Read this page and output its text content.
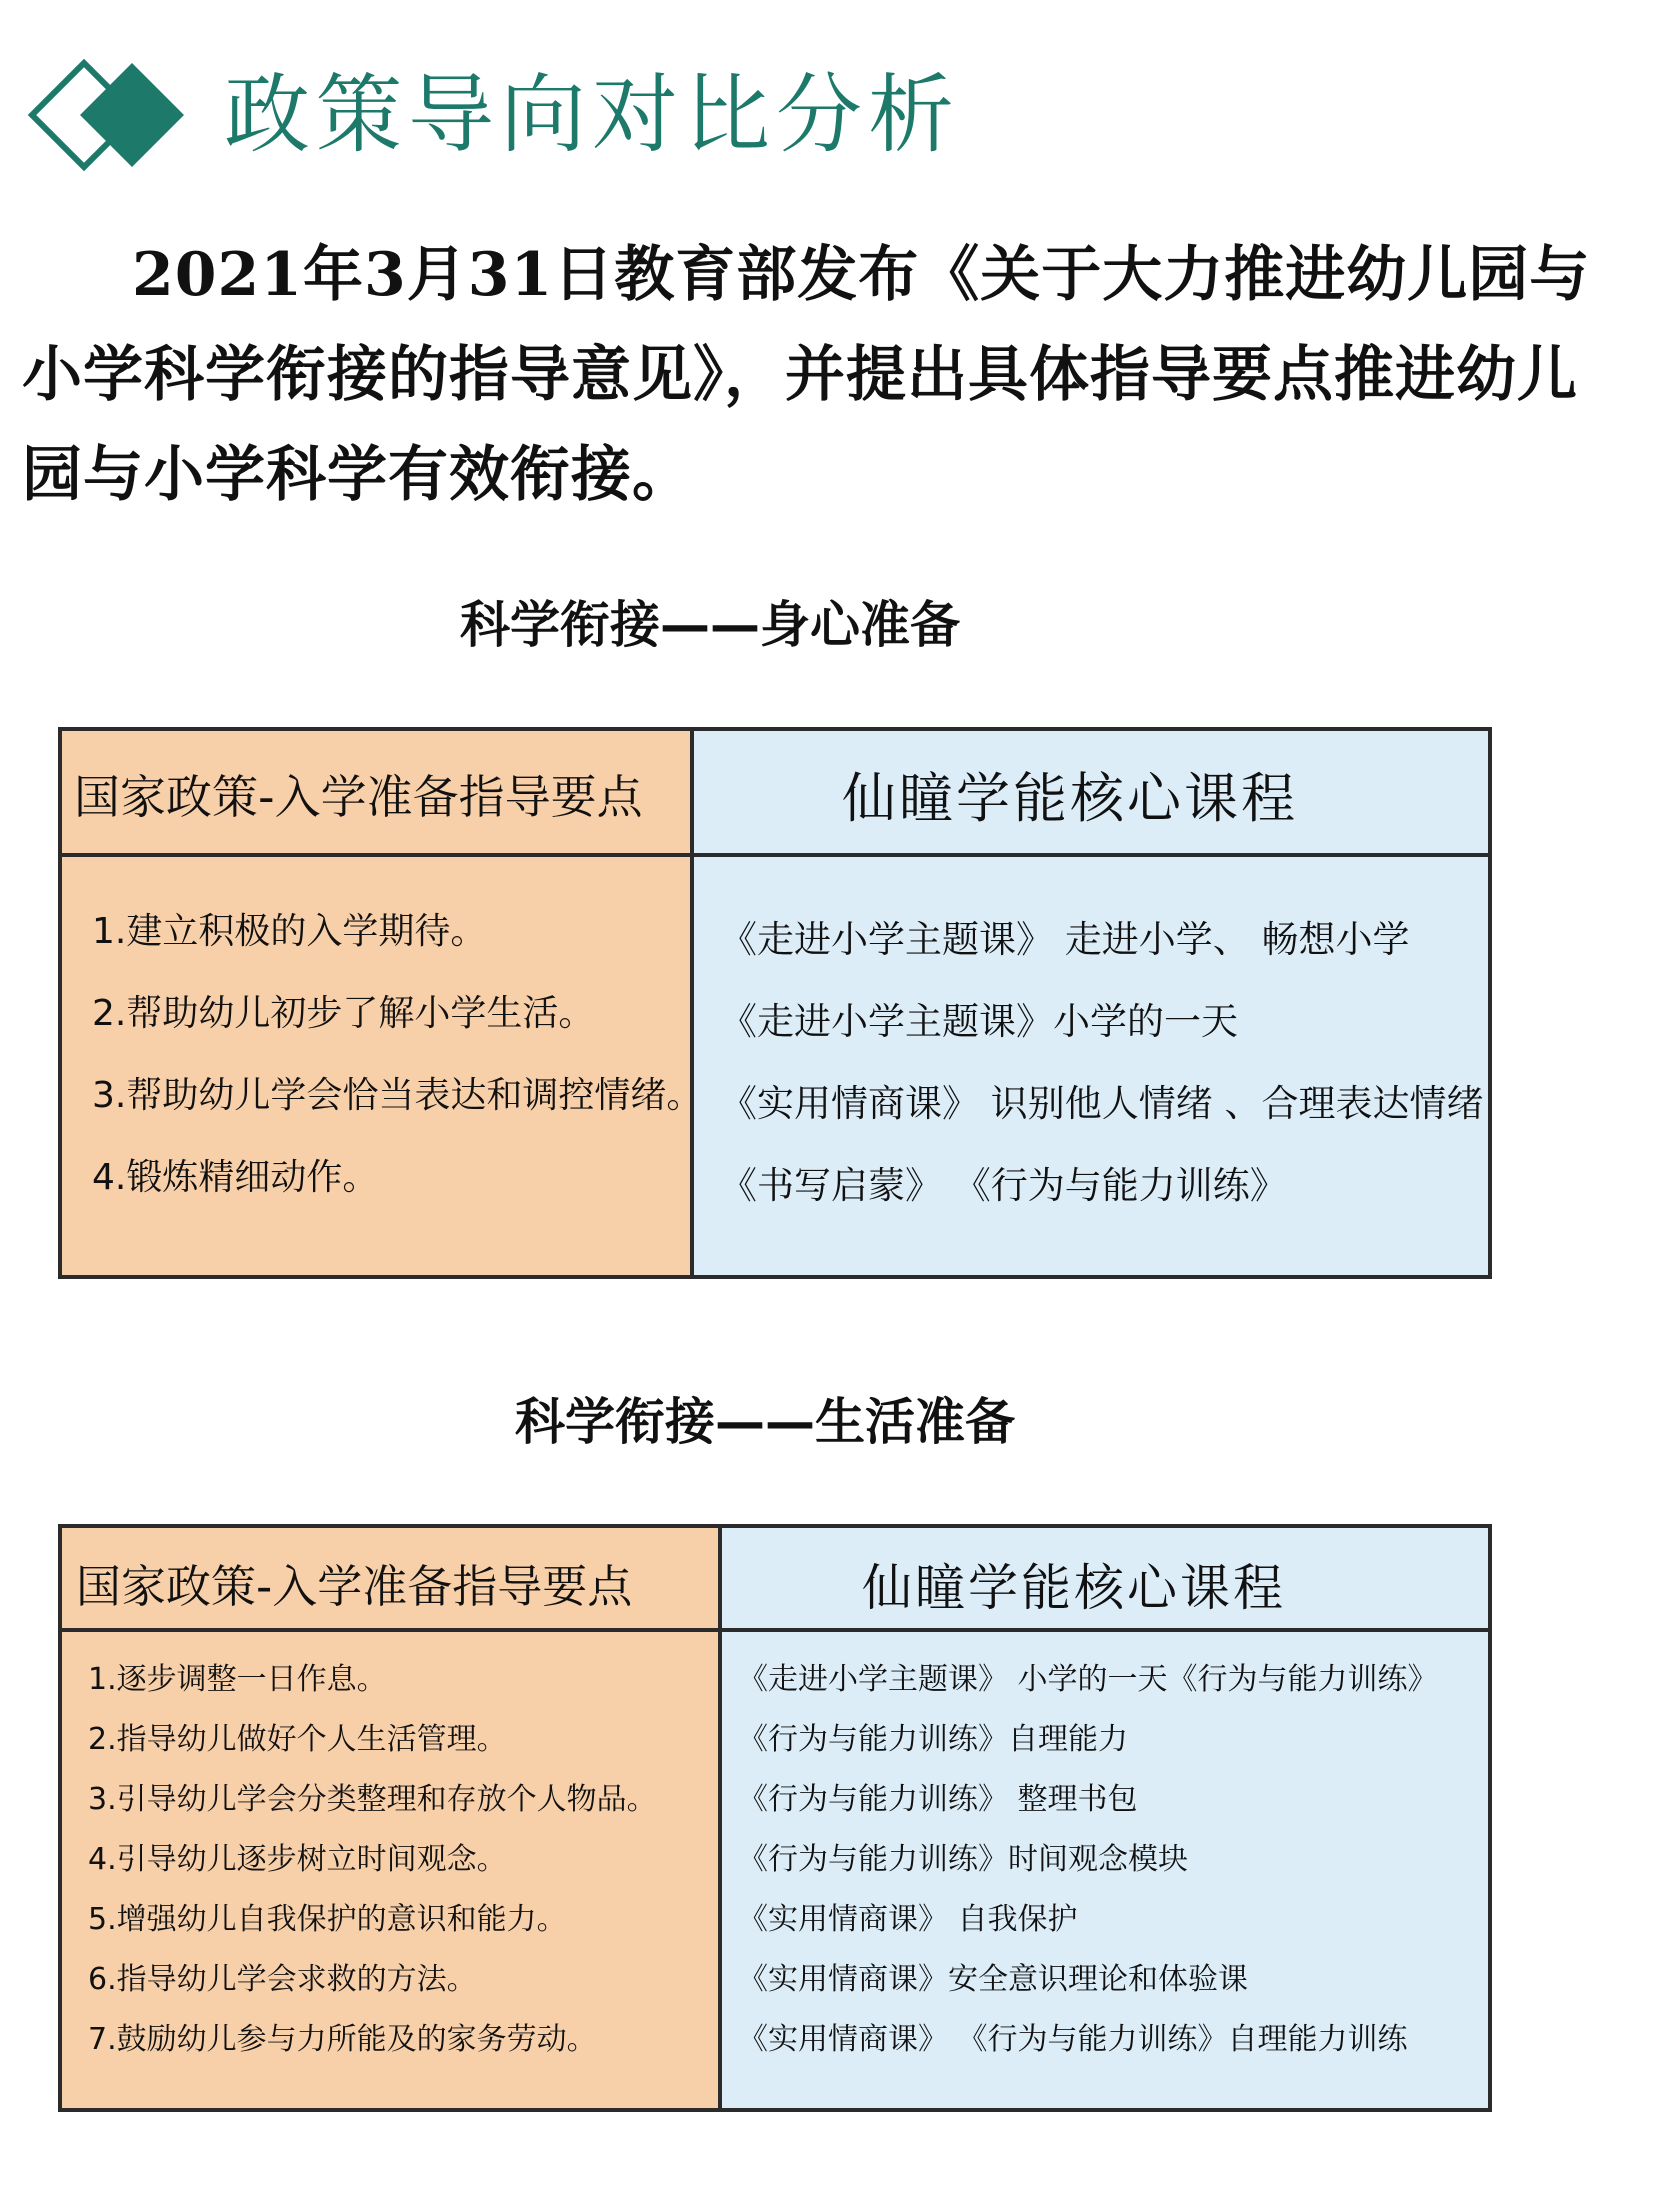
政策导向对比分析
2021年3月31日教育部发布《关于大力推进幼儿园与小学科学衔接的指导意见》，并提出具体指导要点推进幼儿园与小学科学有效衔接。
科学衔接——身心准备
国家政策-入学准备指导要点	仙瞳学能核心课程
1.建立积极的入学期待。
2.帮助幼儿初步了解小学生活。
3.帮助幼儿学会恰当表达和调控情绪。
4.锻炼精细动作。
《走进小学主题课》 走进小学、 畅想小学
《走进小学主题课》小学的一天
《实用情商课》 识别他人情绪 、合理表达情绪
《书写启蒙》 《行为与能力训练》
科学衔接——生活准备
国家政策-入学准备指导要点	仙瞳学能核心课程
1.逐步调整一日作息。
2.指导幼儿做好个人生活管理。
3.引导幼儿学会分类整理和存放个人物品。
4.引导幼儿逐步树立时间观念。
5.增强幼儿自我保护的意识和能力。
6.指导幼儿学会求救的方法。
7.鼓励幼儿参与力所能及的家务劳动。
《走进小学主题课》 小学的一天《行为与能力训练》
《行为与能力训练》自理能力
《行为与能力训练》 整理书包
《行为与能力训练》时间观念模块
《实用情商课》 自我保护
《实用情商课》安全意识理论和体验课
《实用情商课》 《行为与能力训练》自理能力训练
